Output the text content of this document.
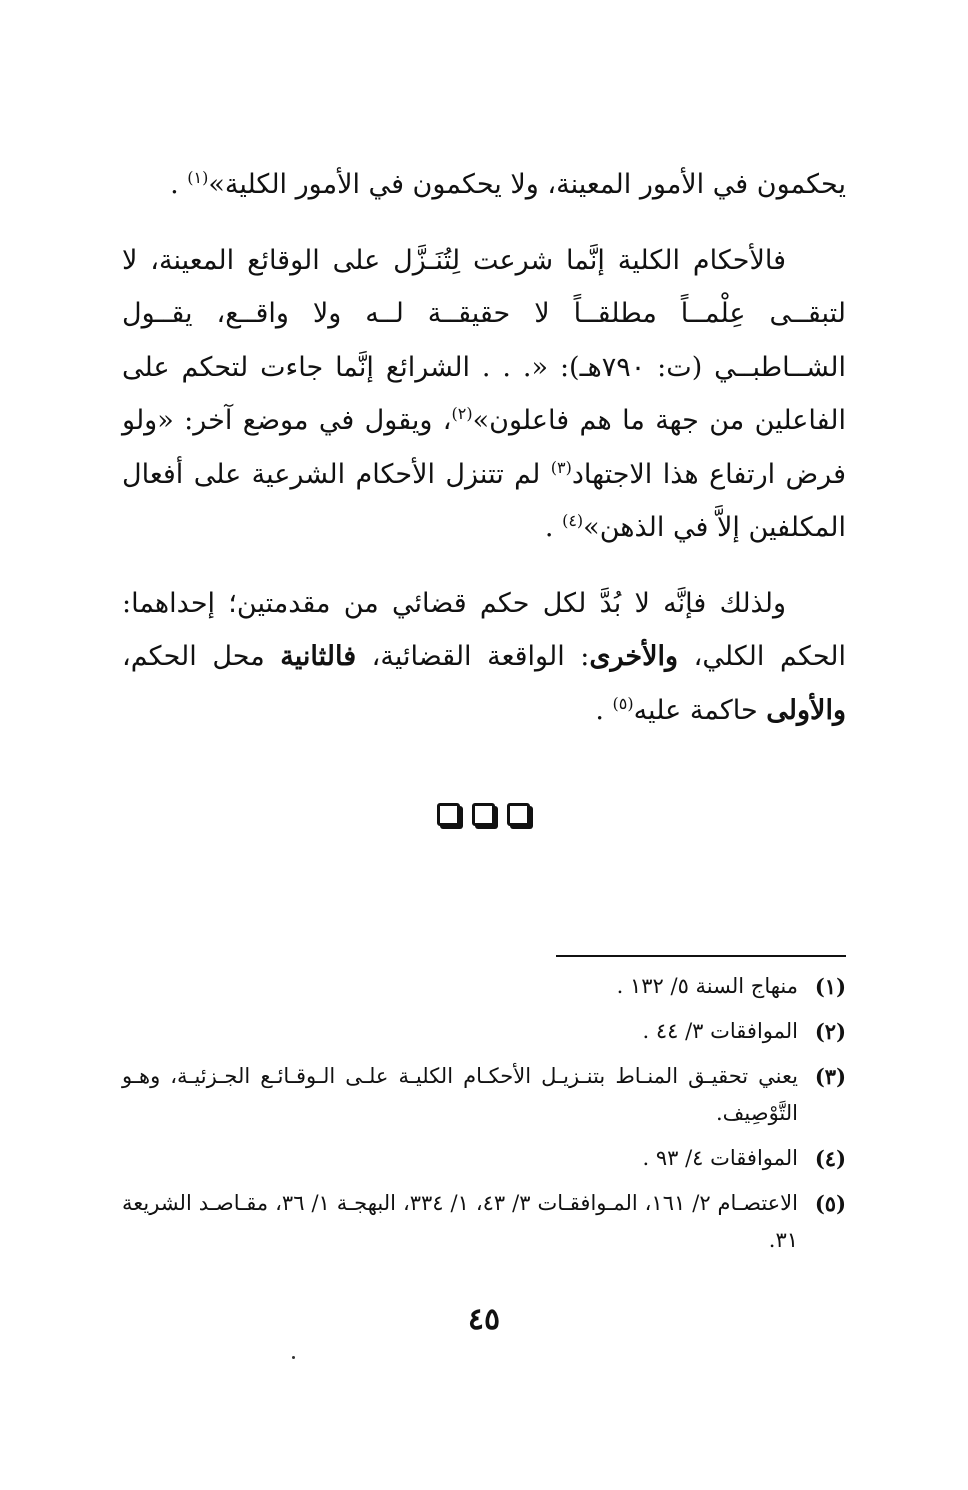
يحكمون في الأمور المعينة، ولا يحكمون في الأمور الكلية»$^{(١)}$ .

فالأحكام الكلية إنَّما شرعت لِتُنَـزَّل على الوقائع المعينة، لا لتبقــى عِلْمــاً مطلقــاً لا حقيقــة لــه ولا واقــع، يقــول الشــاطبــي (ت: ٧٩٠هـ): «. . . الشرائع إنَّما جاءت لتحكم على الفاعلين من جهة ما هم فاعلون»$^{(٢)}$، ويقول في موضع آخر: «ولو فرض ارتفاع هذا الاجتهاد$^{(٣)}$ لم تتنزل الأحكام الشرعية على أفعال المكلفين إلاَّ في الذهن»$^{(٤)}$ .

ولذلك فإنَّه لا بُدَّ لكل حكم قضائي من مقدمتين؛ إحداهما: الحكم الكلي، والأخرى: الواقعة القضائية، فالثانية محل الحكم، والأولى حاكمة عليه$^{(٥)}$ .

(١)
منهاج السنة ٥/ ١٣٢ .
(٢)
الموافقات ٣/ ٤٤ .
(٣)
يعني تحقيـق المنـاط بتنـزيـل الأحكـام الكليـة علـى الـوقـائـع الجـزئيـة، وهـو التَّوْصِيف.
(٤)
الموافقات ٤/ ٩٣ .
(٥)
الاعتصـام ٢/ ١٦١، المـوافقـات ٣/ ٤٣، ١/ ٣٣٤، البهجـة ١/ ٣٦، مقـاصـد الشريعة ٣١.
٤٥
